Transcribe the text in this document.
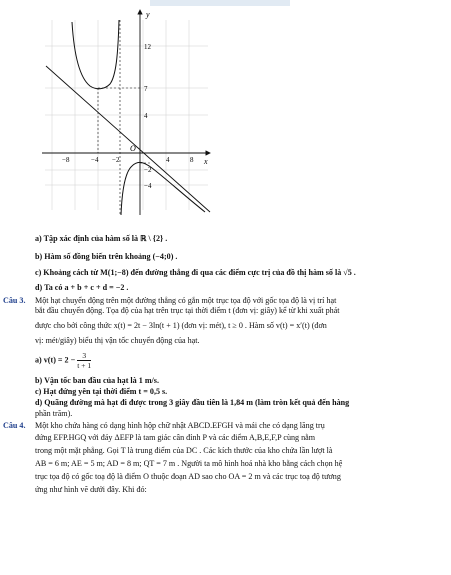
y
x
O
12
7
4
−2
−4
−8	−4 −2	4	8
a) Tập xác định của hàm số là ℝ \ {2} .
b) Hàm số đồng biến trên khoảng (−4;0) .
c) Khoảng cách từ M(1;−8) đến đường thẳng đi qua các điểm cực trị của đồ thị hàm số là √5 .
d) Ta có a + b + c + d = −2 .
Câu 3. Một hạt chuyển động trên một đường thẳng có gắn một trục tọa độ với gốc tọa độ là vị trí hạt
bắt đầu chuyển động. Tọa độ của hạt trên trục tại thời điểm t (đơn vị: giây) kể từ khi xuất phát
được cho bởi công thức x(t) = 2t − 3ln(t + 1) (đơn vị: mét), t ≥ 0 . Hàm số v(t) = x′(t) (đơn
vị: mét/giây) biểu thị vận tốc chuyển động của hạt.
a) $v(t) = 2 - \frac{3}{t + 1}$
b) Vận tốc ban đầu của hạt là 1 m/s.
c) Hạt đứng yên tại thời điểm t = 0,5 s.
d) Quãng đường mà hạt đi được trong 3 giây đầu tiên là 1,84 m (làm tròn kết quả đến hàng
phần trăm).
Câu 4. Một kho chứa hàng có dạng hình hộp chữ nhật ABCD.EFGH và mái che có dạng lăng trụ
đứng EFP.HGQ với đáy ΔEFP là tam giác cân đỉnh P và các điểm A,B,E,F,P cùng nằm
trong một mặt phẳng. Gọi T là trung điểm của DC . Các kích thước của kho chứa lần lượt là
AB = 6 m; AE = 5 m; AD = 8 m; QT = 7 m . Người ta mô hình hoá nhà kho bằng cách chọn hệ
trục tọa độ có gốc toạ độ là điểm O thuộc đoạn AD sao cho OA = 2 m và các trục toạ độ tương
ứng như hình vẽ dưới đây. Khi đó:
